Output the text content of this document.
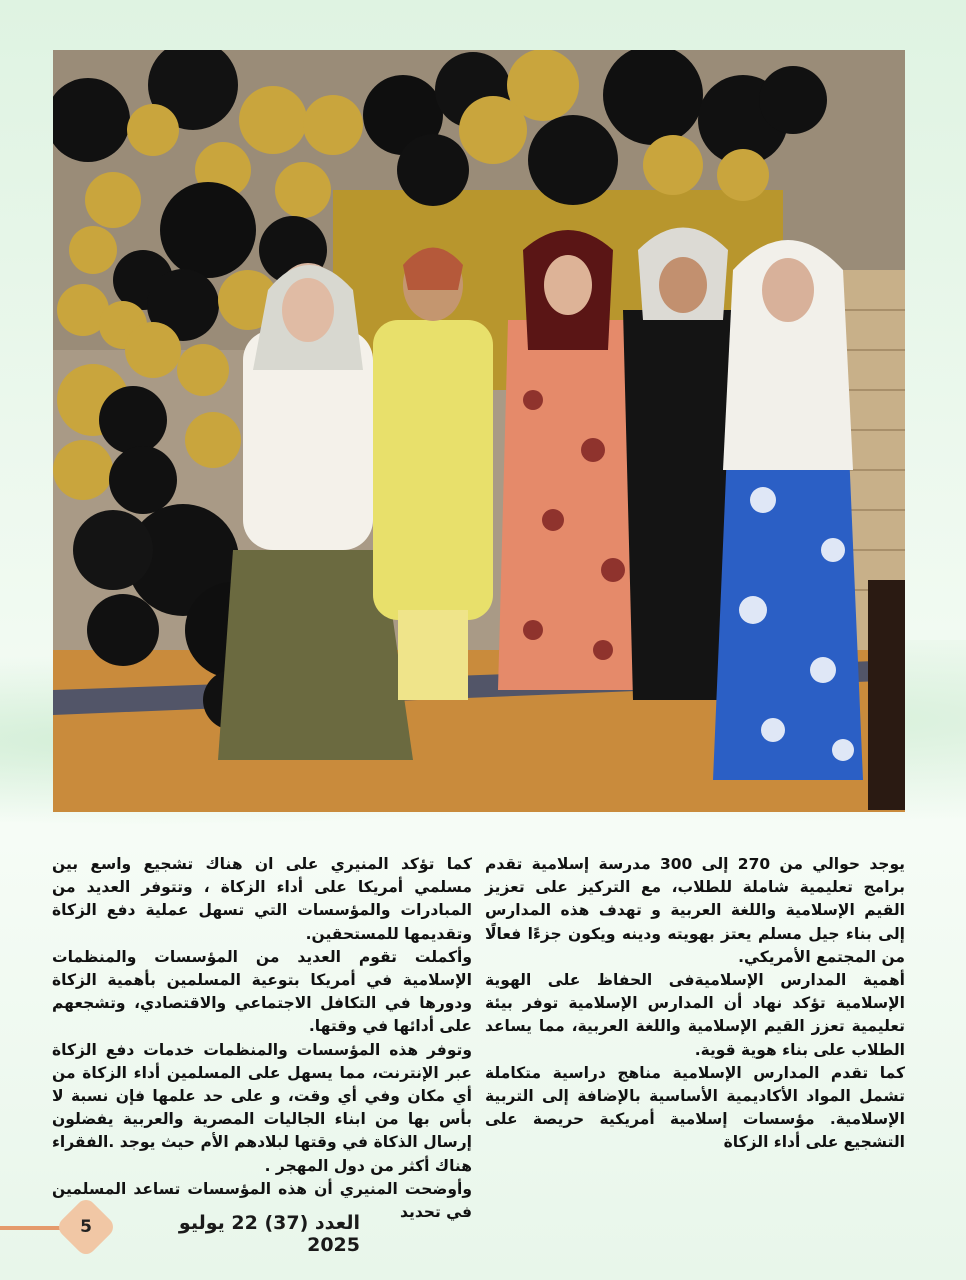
يوجد حوالي من 270 إلى 300 مدرسة إسلامية تقدم برامج تعليمية شاملة للطلاب، مع التركيز على تعزيز القيم الإسلامية واللغة العربية و تهدف هذه المدارس إلى بناء جيل مسلم يعتز بهويته ودينه ويكون جزءًا فعالًا من المجتمع الأمريكي.

أهمية المدارس الإسلاميةفى الحفاظ على الهوية الإسلامية تؤكد نهاد أن المدارس الإسلامية توفر بيئة تعليمية تعزز القيم الإسلامية واللغة العربية، مما يساعد الطلاب على بناء هوية قوية.

كما تقدم المدارس الإسلامية مناهج دراسية متكاملة تشمل المواد الأكاديمية الأساسية بالإضافة إلى التربية الإسلامية. مؤسسات إسلامية أمريكية حريصة على التشجيع على أداء الزكاة

كما تؤكد المنيري على ان هناك تشجيع واسع بين مسلمي أمريكا على أداء الزكاة ، وتتوفر العديد من المبادرات والمؤسسات التي تسهل عملية دفع الزكاة وتقديمها للمستحقين.

وأكملت تقوم العديد من المؤسسات والمنظمات الإسلامية في أمريكا بتوعية المسلمين بأهمية الزكاة ودورها في التكافل الاجتماعي والاقتصادي، وتشجعهم على أدائها في وقتها.

وتوفر هذه المؤسسات والمنظمات خدمات دفع الزكاة عبر الإنترنت، مما يسهل على المسلمين أداء الزكاة من أي مكان وفي أي وقت، و على حد علمها فإن نسبة لا بأس بها من ابناء الجاليات المصرية والعربية يفضلون إرسال الذكاة في وقتها لبلادهم الأم حيث يوجد .الفقراء هناك أكثر من دول المهجر .

وأوضحت المنيري أن هذه المؤسسات تساعد المسلمين في تحديد

5	العدد (37) 22 يوليو 2025
